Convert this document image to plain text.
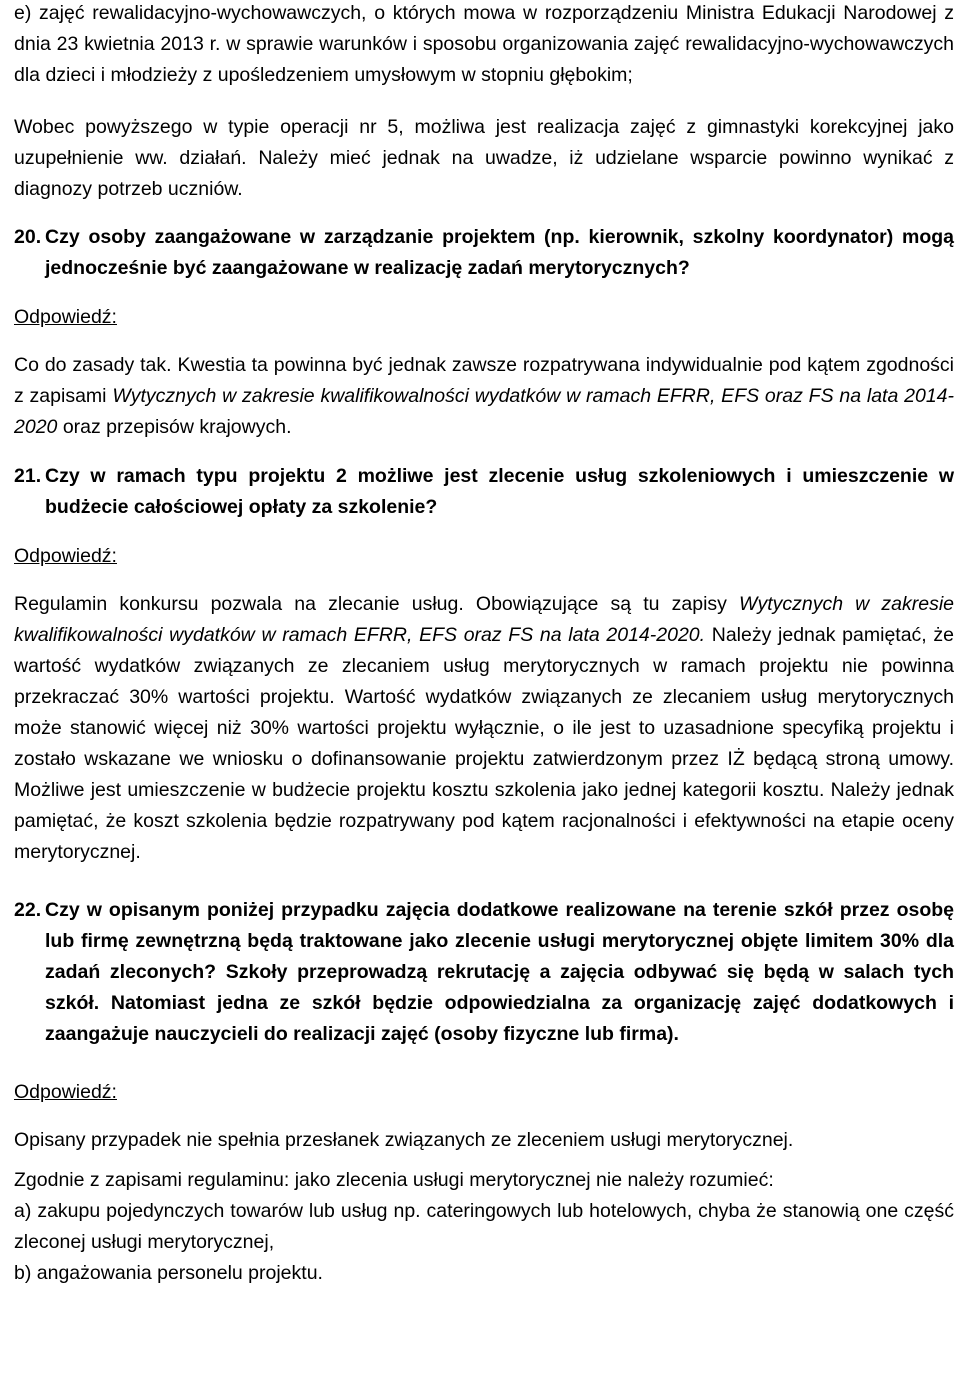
e) zajęć rewalidacyjno-wychowawczych, o których mowa w rozporządzeniu Ministra Edukacji Narodowej z dnia 23 kwietnia 2013 r. w sprawie warunków i sposobu organizowania zajęć rewalidacyjno-wychowawczych dla dzieci i młodzieży z upośledzeniem umysłowym w stopniu głębokim;

Wobec powyższego w typie operacji nr 5, możliwa jest realizacja zajęć z gimnastyki korekcyjnej jako uzupełnienie ww. działań. Należy mieć jednak na uwadze, iż udzielane wsparcie powinno wynikać z diagnozy potrzeb uczniów.

20. Czy osoby zaangażowane w zarządzanie projektem (np. kierownik, szkolny koordynator) mogą jednocześnie być zaangażowane w realizację zadań merytorycznych?

Odpowiedź:

Co do zasady tak. Kwestia ta powinna być jednak zawsze rozpatrywana indywidualnie pod kątem zgodności z zapisami Wytycznych w zakresie kwalifikowalności wydatków w ramach EFRR, EFS oraz FS na lata 2014-2020 oraz przepisów krajowych.

21. Czy w ramach typu projektu 2 możliwe jest zlecenie usług szkoleniowych i umieszczenie w budżecie całościowej opłaty za szkolenie?

Odpowiedź:

Regulamin konkursu pozwala na zlecanie usług. Obowiązujące są tu zapisy Wytycznych w zakresie kwalifikowalności wydatków w ramach EFRR, EFS oraz FS na lata 2014-2020. Należy jednak pamiętać, że wartość wydatków związanych ze zlecaniem usług merytorycznych w ramach projektu nie powinna przekraczać 30% wartości projektu. Wartość wydatków związanych ze zlecaniem usług merytorycznych może stanowić więcej niż 30% wartości projektu wyłącznie, o ile jest to uzasadnione specyfiką projektu i zostało wskazane we wniosku o dofinansowanie projektu zatwierdzonym przez IŻ będącą stroną umowy. Możliwe jest umieszczenie w budżecie projektu kosztu szkolenia jako jednej kategorii kosztu. Należy jednak pamiętać, że koszt szkolenia będzie rozpatrywany pod kątem racjonalności i efektywności na etapie oceny merytorycznej.

22. Czy w opisanym poniżej przypadku zajęcia dodatkowe realizowane na terenie szkół przez osobę lub firmę zewnętrzną będą traktowane jako zlecenie usługi merytorycznej objęte limitem 30% dla zadań zleconych? Szkoły przeprowadzą rekrutację a zajęcia odbywać się będą w salach tych szkół. Natomiast jedna ze szkół będzie odpowiedzialna za organizację zajęć dodatkowych i zaangażuje nauczycieli do realizacji zajęć (osoby fizyczne lub firma).

Odpowiedź:

Opisany przypadek nie spełnia przesłanek związanych ze zleceniem usługi merytorycznej.

Zgodnie z zapisami regulaminu: jako zlecenia usługi merytorycznej nie należy rozumieć:

a) zakupu pojedynczych towarów lub usług np. cateringowych lub hotelowych, chyba że stanowią one część zleconej usługi merytorycznej,

b) angażowania personelu projektu.
